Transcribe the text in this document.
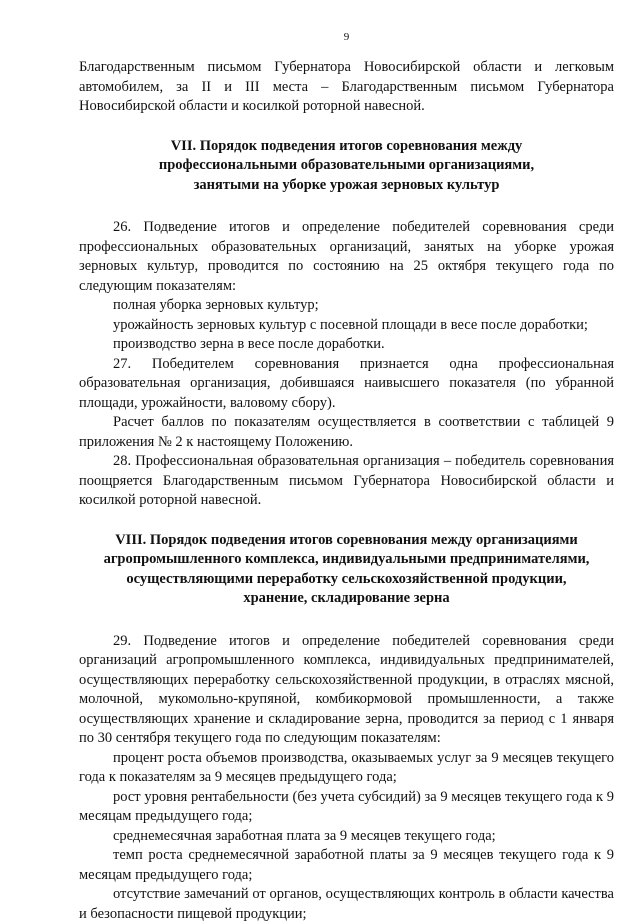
9

Благодарственным письмом Губернатора Новосибирской области и легковым автомобилем, за II и III места – Благодарственным письмом Губернатора Новосибирской области и косилкой роторной навесной.

VII. Порядок подведения итогов соревнования между
профессиональными образовательными организациями,
занятыми на уборке урожая зерновых культур

26. Подведение итогов и определение победителей соревнования среди профессиональных образовательных организаций, занятых на уборке урожая зерновых культур, проводится по состоянию на 25 октября текущего года по следующим показателям:

полная уборка зерновых культур;

урожайность зерновых культур с посевной площади в весе после доработки;

производство зерна в весе после доработки.

27. Победителем соревнования признается одна профессиональная образовательная организация, добившаяся наивысшего показателя (по убранной площади, урожайности, валовому сбору).

Расчет баллов по показателям осуществляется в соответствии с таблицей 9 приложения № 2 к настоящему Положению.

28. Профессиональная образовательная организация – победитель соревнования поощряется Благодарственным письмом Губернатора Новосибирской области и косилкой роторной навесной.

VIII. Порядок подведения итогов соревнования между организациями
агропромышленного комплекса, индивидуальными предпринимателями,
осуществляющими переработку сельскохозяйственной продукции,
хранение, складирование зерна

29. Подведение итогов и определение победителей соревнования среди организаций агропромышленного комплекса, индивидуальных предпринимателей, осуществляющих переработку сельскохозяйственной продукции, в отраслях мясной, молочной, мукомольно-крупяной, комбикормовой промышленности, а также осуществляющих хранение и складирование зерна, проводится за период с 1 января по 30 сентября текущего года по следующим показателям:

процент роста объемов производства, оказываемых услуг за 9 месяцев текущего года к показателям за 9 месяцев предыдущего года;

рост уровня рентабельности (без учета субсидий) за 9 месяцев текущего года к 9 месяцам предыдущего года;

среднемесячная заработная плата за 9 месяцев текущего года;

темп роста среднемесячной заработной платы за 9 месяцев текущего года к 9 месяцам предыдущего года;

отсутствие замечаний от органов, осуществляющих контроль в области качества и безопасности пищевой продукции;
